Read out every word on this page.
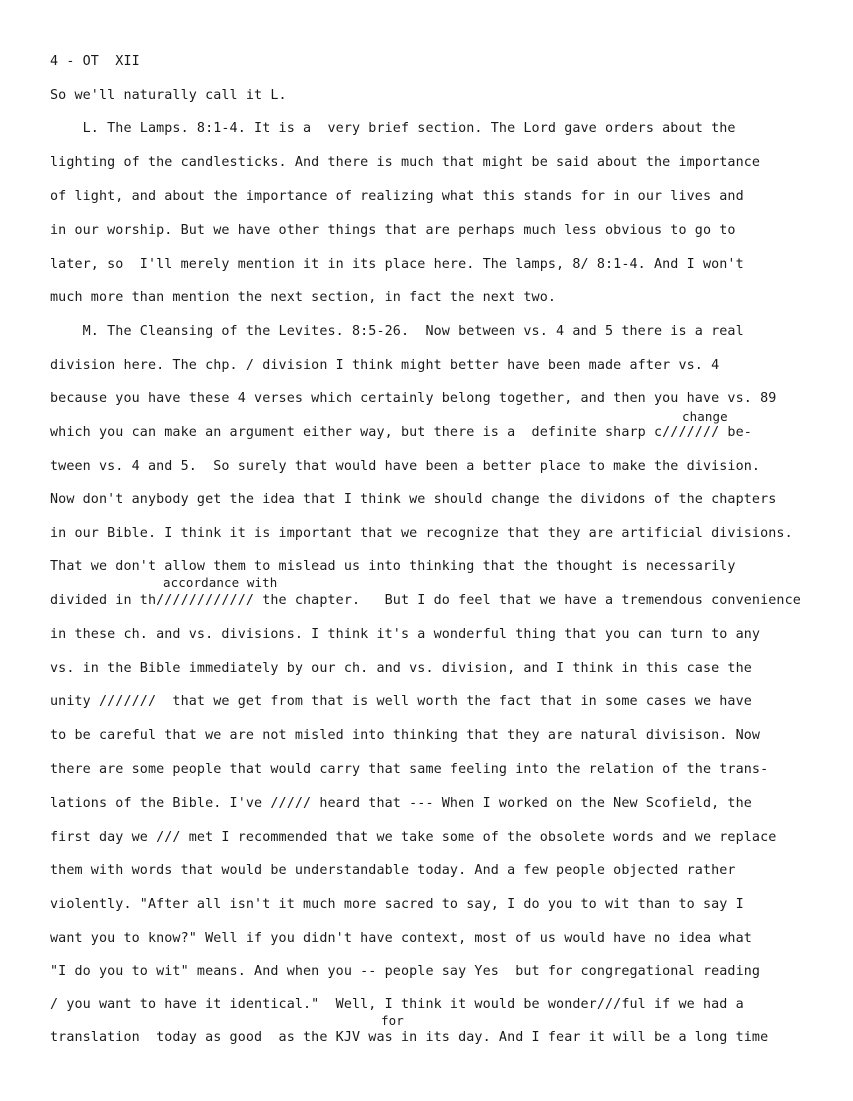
4 - OT  XII
So we'll naturally call it L.
L. The Lamps. 8:1-4. It is a  very brief section. The Lord gave orders about the
lighting of the candlesticks. And there is much that might be said about the importance
of light, and about the importance of realizing what this stands for in our lives and
in our worship. But we have other things that are perhaps much less obvious to go to
later, so  I'll merely mention it in its place here. The lamps, 8/ 8:1-4. And I won't
much more than mention the next section, in fact the next two.
M. The Cleansing of the Levites. 8:5-26.  Now between vs. 4 and 5 there is a real
division here. The chp. / division I think might better have been made after vs. 4
because you have these 4 verses which certainly belong together, and then you have vs. 89
change
which you can make an argument either way, but there is a  definite sharp c/////// be-
tween vs. 4 and 5.  So surely that would have been a better place to make the division.
Now don't anybody get the idea that I think we should change the dividons of the chapters
in our Bible. I think it is important that we recognize that they are artificial divisions.
That we don't allow them to mislead us into thinking that the thought is necessarily
accordance with
divided in th//////////// the chapter.   But I do feel that we have a tremendous convenience
in these ch. and vs. divisions. I think it's a wonderful thing that you can turn to any
vs. in the Bible immediately by our ch. and vs. division, and I think in this case the
unity ///////  that we get from that is well worth the fact that in some cases we have
to be careful that we are not misled into thinking that they are natural divisison. Now
there are some people that would carry that same feeling into the relation of the trans-
lations of the Bible. I've ///// heard that --- When I worked on the New Scofield, the
first day we /// met I recommended that we take some of the obsolete words and we replace
them with words that would be understandable today. And a few people objected rather
violently. "After all isn't it much more sacred to say, I do you to wit than to say I
want you to know?" Well if you didn't have context, most of us would have no idea what
"I do you to wit" means. And when you -- people say Yes  but for congregational reading
/ you want to have it identical."  Well, I think it would be wonder///ful if we had a
for
translation  today as good  as the KJV was in its day. And I fear it will be a long time
